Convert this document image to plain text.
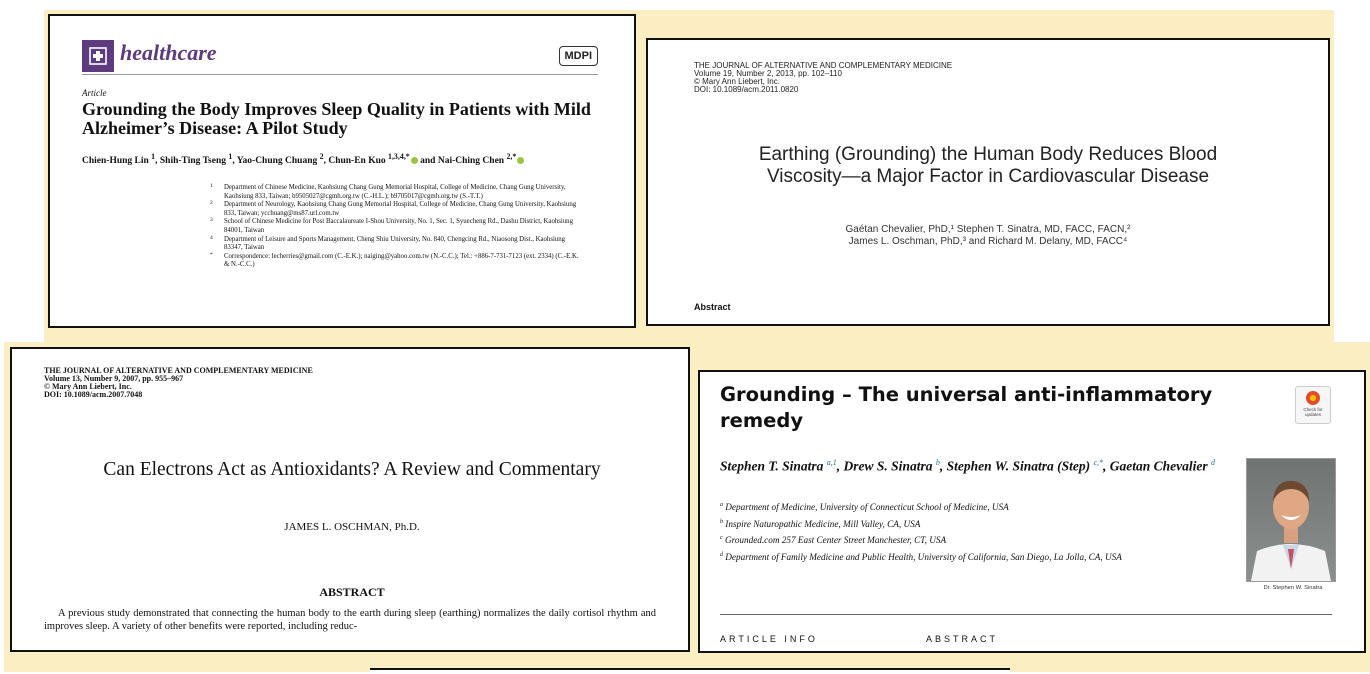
healthcare	MDPI
Article
Grounding the Body Improves Sleep Quality in Patients with Mild Alzheimer’s Disease: A Pilot Study
Chien-Hung Lin $^1$, Shih-Ting Tseng $^1$, Yao-Chung Chuang $^2$, Chun-En Kuo $^{1,3,4,*}$ and Nai-Ching Chen $^{2,*}$
1 Department of Chinese Medicine, Kaohsiung Chang Gung Memorial Hospital, College of Medicine, Chang Gung University, Kaohsiung 833, Taiwan; b9505027@cgmh.org.tw (C.-H.L.); b9705017@cgmh.org.tw (S.-T.T.)
2 Department of Neurology, Kaohsiung Chang Gung Memorial Hospital, College of Medicine, Chang Gung University, Kaohsiung 833, Taiwan; ycchuang@ms87.url.com.tw
3 School of Chinese Medicine for Post Baccalaureate I-Shou University, No. 1, Sec. 1, Syuecheng Rd., Dashu District, Kaohsiung 84001, Taiwan
4 Department of Leisure and Sports Management, Cheng Shiu University, No. 840, Chengcing Rd., Niaosong Dist., Kaohsiung 83347, Taiwan
* Correspondence: lecherries@gmail.com (C.-E.K.); naiging@yahoo.com.tw (N.-C.C.); Tel.: +886-7-731-7123 (ext. 2334) (C.-E.K. & N.-C.C.)
THE JOURNAL OF ALTERNATIVE AND COMPLEMENTARY MEDICINE
Volume 19, Number 2, 2013, pp. 102–110
© Mary Ann Liebert, Inc.
DOI: 10.1089/acm.2011.0820
Earthing (Grounding) the Human Body Reduces Blood
Viscosity—a Major Factor in Cardiovascular Disease
Gaétan Chevalier, PhD,¹ Stephen T. Sinatra, MD, FACC, FACN,²
James L. Oschman, PhD,³ and Richard M. Delany, MD, FACC⁴
Abstract
THE JOURNAL OF ALTERNATIVE AND COMPLEMENTARY MEDICINE
Volume 13, Number 9, 2007, pp. 955–967
© Mary Ann Liebert, Inc.
DOI: 10.1089/acm.2007.7048
Can Electrons Act as Antioxidants? A Review and Commentary
JAMES L. OSCHMAN, Ph.D.
ABSTRACT
A previous study demonstrated that connecting the human body to the earth during sleep (earthing) normalizes the daily cortisol rhythm and improves sleep. A variety of other benefits were reported, including reduc-
Grounding – The universal anti-inflammatory remedy	Check for updates
Stephen T. Sinatra $^{a,1}$, Drew S. Sinatra $^b$, Stephen W. Sinatra (Step) $^{c,*}$, Gaetan Chevalier $^d$
$^a$ Department of Medicine, University of Connecticut School of Medicine, USA
$^b$ Inspire Naturopathic Medicine, Mill Valley, CA, USA
$^c$ Grounded.com 257 East Center Street Manchester, CT, USA
$^d$ Department of Family Medicine and Public Health, University of California, San Diego, La Jolla, CA, USA
Dr. Stephen W. Sinatra
ARTICLE INFO	ABSTRACT
